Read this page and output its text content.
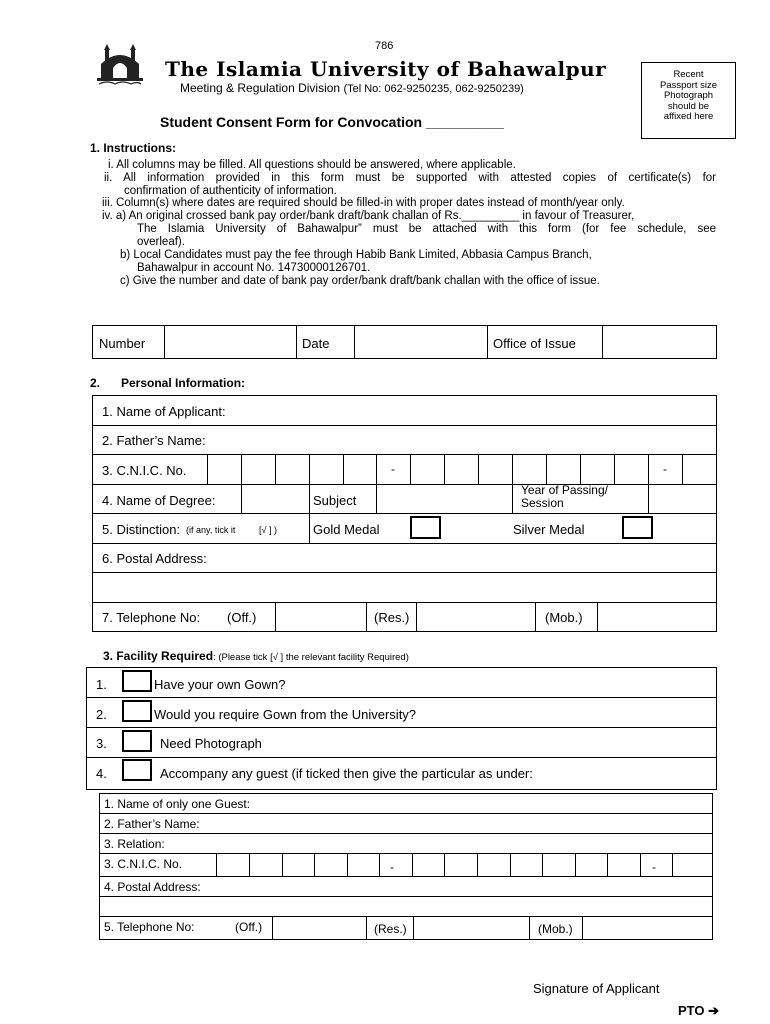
786
The Islamia University of Bahawalpur
Meeting & Regulation Division (Tel No: 062-9250235, 062-9250239)
Student Consent Form for Convocation __________
Recent
Passport size
Photograph
should be
affixed here
1. Instructions:
i. All columns may be filled. All questions should be answered, where applicable.
ii. All information provided in this form must be supported with attested copies of certificate(s) for
confirmation of authenticity of information.
iii. Column(s) where dates are required should be filled-in with proper dates instead of month/year only.
iv. a) An original crossed bank pay order/bank draft/bank challan of Rs._________ in favour of Treasurer,
The Islamia University of Bahawalpur” must be attached with this form (for fee schedule, see
overleaf).
b) Local Candidates must pay the fee through Habib Bank Limited, Abbasia Campus Branch,
Bahawalpur in account No. 14730000126701.
c) Give the number and date of bank pay order/bank draft/bank challan with the office of issue.
Number	Date	Office of Issue
2. Personal Information:
1. Name of Applicant:
2. Father’s Name:
3. C.N.I.C. No.	-	-
4. Name of Degree:	Subject
Year of Passing/
Session
5. Distinction: (if any, tick it	[√ ] )	Gold Medal	Silver Medal
6. Postal Address:
7. Telephone No: (Off.)	(Res.)	(Mob.)
3. Facility Required: (Please tick [√ ] the relevant facility Required)
1.	Have your own Gown?
2.	Would you require Gown from the University?
3.	Need Photograph
4.	Accompany any guest (if ticked then give the particular as under:
1. Name of only one Guest:
2. Father’s Name:
3. Relation:
3. C.N.I.C. No.	-	-
4. Postal Address:
5. Telephone No:	(Off.)	(Res.)	(Mob.)
Signature of Applicant
PTO ➔
